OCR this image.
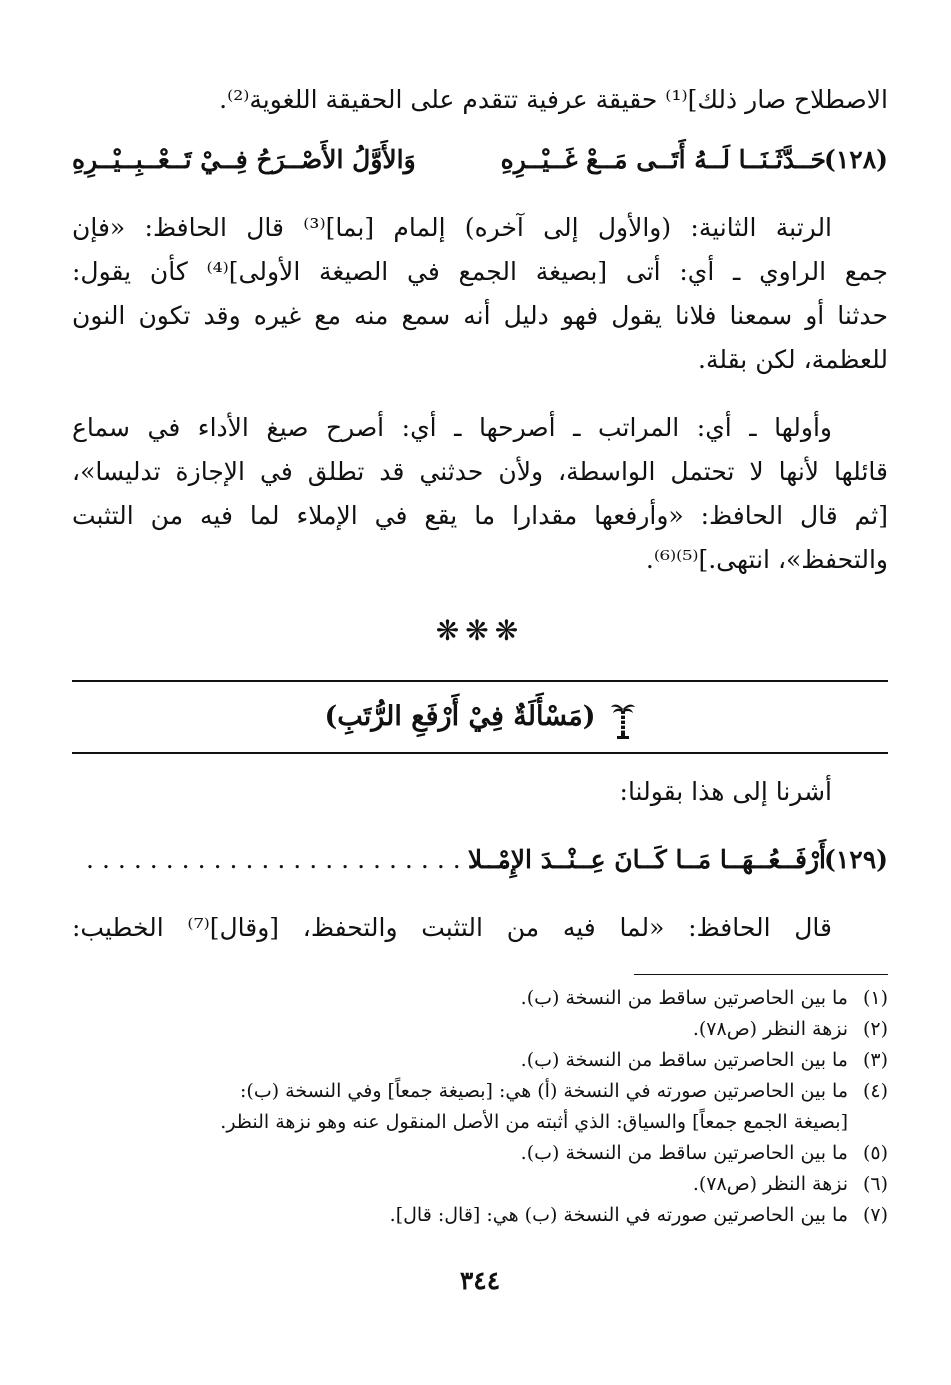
الاصطلاح صار ذلك]⁽¹⁾ حقيقة عرفية تتقدم على الحقيقة اللغوية⁽²⁾.
(١٢٨)
حَــدَّثَـنَــا لَــهُ أَتَــى مَــعْ غَــيْــرِهِ
وَالأَوَّلُ الأَصْــرَحُ فِــيْ تَــعْــبِــيْــرِهِ
الرتبة الثانية: (والأول إلى آخره) إلمام [بما]⁽³⁾ قال الحافظ: «فإن
جمع الراوي ـ أي: أتى [بصيغة الجمع في الصيغة الأولى]⁽⁴⁾ كأن يقول:
حدثنا أو سمعنا فلانا يقول فهو دليل أنه سمع منه مع غيره وقد تكون النون
للعظمة، لكن بقلة.
وأولها ـ أي: المراتب ـ أصرحها ـ أي: أصرح صيغ الأداء في سماع
قائلها لأنها لا تحتمل الواسطة، ولأن حدثني قد تطلق في الإجازة تدليسا»،
[ثم قال الحافظ: «وأرفعها مقدارا ما يقع في الإملاء لما فيه من التثبت
والتحفظ»، انتهى.]⁽⁵⁾⁽⁶⁾.
❋❋❋
(مَسْأَلَةٌ فِيْ أَرْفَعِ الرُّتَبِ)
أشرنا إلى هذا بقولنا:
(١٢٩)
أَرْفَــعُــهَــا مَــا كَــانَ عِــنْــدَ الإِمْــلا
...........................
قال الحافظ: «لما فيه من التثبت والتحفظ، [وقال]⁽⁷⁾ الخطيب:
(١)ما بين الحاصرتين ساقط من النسخة (ب).
(٢)نزهة النظر (ص٧٨).
(٣)ما بين الحاصرتين ساقط من النسخة (ب).
(٤)ما بين الحاصرتين صورته في النسخة (أ) هي: [بصيغة جمعاً] وفي النسخة (ب):
[بصيغة الجمع جمعاً] والسياق: الذي أثبته من الأصل المنقول عنه وهو نزهة النظر.
(٥)ما بين الحاصرتين ساقط من النسخة (ب).
(٦)نزهة النظر (ص٧٨).
(٧)ما بين الحاصرتين صورته في النسخة (ب) هي: [قال: قال].
٣٤٤
